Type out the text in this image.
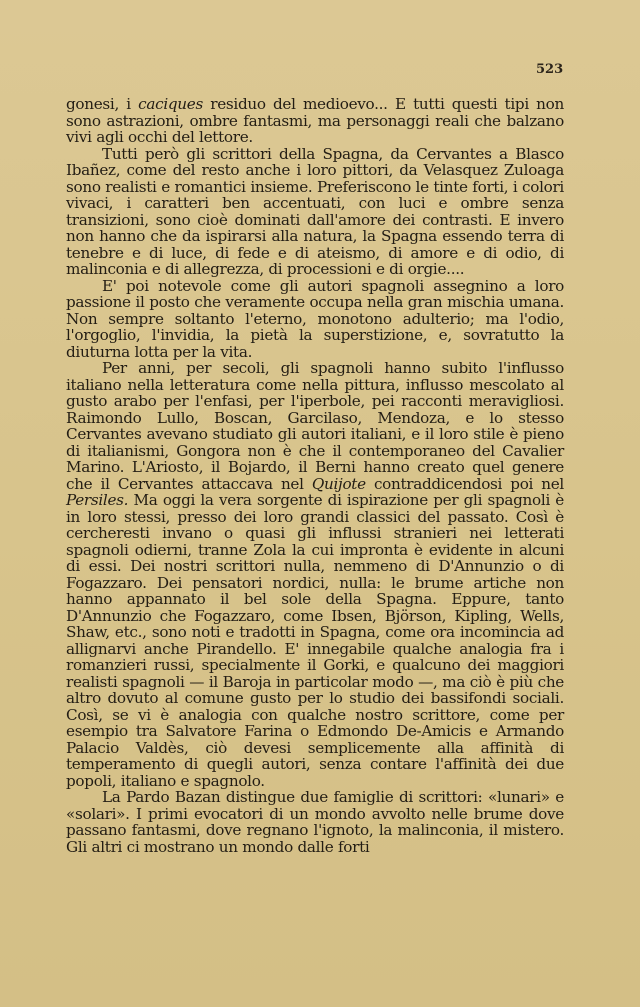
523

gonesi, i caciques residuo del medioevo... E tutti questi tipi non sono astrazioni, ombre fantasmi, ma personaggi reali che balzano vivi agli occhi del lettore.

Tutti però gli scrittori della Spagna, da Cervantes a Blasco Ibañez, come del resto anche i loro pittori, da Velasquez Zuloaga sono realisti e romantici insieme. Preferiscono le tinte forti, i colori vivaci, i caratteri ben accentuati, con luci e ombre senza transizioni, sono cioè dominati dall'amore dei contrasti. E invero non hanno che da ispirarsi alla natura, la Spagna essendo terra di tenebre e di luce, di fede e di ateismo, di amore e di odio, di malinconia e di allegrezza, di processioni e di orgie....

E' poi notevole come gli autori spagnoli assegnino a loro passione il posto che veramente occupa nella gran mischia umana. Non sempre soltanto l'eterno, monotono adulterio; ma l'odio, l'orgoglio, l'invidia, la pietà la superstizione, e, sovratutto la diuturna lotta per la vita.

Per anni, per secoli, gli spagnoli hanno subito l'influsso italiano nella letteratura come nella pittura, influsso mescolato al gusto arabo per l'enfasi, per l'iperbole, pei racconti meravigliosi. Raimondo Lullo, Boscan, Garcilaso, Mendoza, e lo stesso Cervantes avevano studiato gli autori italiani, e il loro stile è pieno di italianismi, Gongora non è che il contemporaneo del Cavalier Marino. L'Ariosto, il Bojardo, il Berni hanno creato quel genere che il Cervantes attaccava nel Quijote contraddicendosi poi nel Persiles. Ma oggi la vera sorgente di ispirazione per gli spagnoli è in loro stessi, presso dei loro grandi classici del passato. Così è cercheresti invano o quasi gli influssi stranieri nei letterati spagnoli odierni, tranne Zola la cui impronta è evidente in alcuni di essi. Dei nostri scrittori nulla, nemmeno di D'Annunzio o di Fogazzaro. Dei pensatori nordici, nulla: le brume artiche non hanno appannato il bel sole della Spagna. Eppure, tanto D'Annunzio che Fogazzaro, come Ibsen, Björson, Kipling, Wells, Shaw, etc., sono noti e tradotti in Spagna, come ora incomincia ad allignarvi anche Pirandello. E' innegabile qualche analogia fra i romanzieri russi, specialmente il Gorki, e qualcuno dei maggiori realisti spagnoli — il Baroja in particolar modo —, ma ciò è più che altro dovuto al comune gusto per lo studio dei bassifondi sociali. Così, se vi è analogia con qualche nostro scrittore, come per esempio tra Salvatore Farina o Edmondo De-Amicis e Armando Palacio Valdès, ciò devesi semplicemente alla affinità di temperamento di quegli autori, senza contare l'affinità dei due popoli, italiano e spagnolo.

La Pardo Bazan distingue due famiglie di scrittori: «lunari» e «solari». I primi evocatori di un mondo avvolto nelle brume dove passano fantasmi, dove regnano l'ignoto, la malinconia, il mistero. Gli altri ci mostrano un mondo dalle forti
